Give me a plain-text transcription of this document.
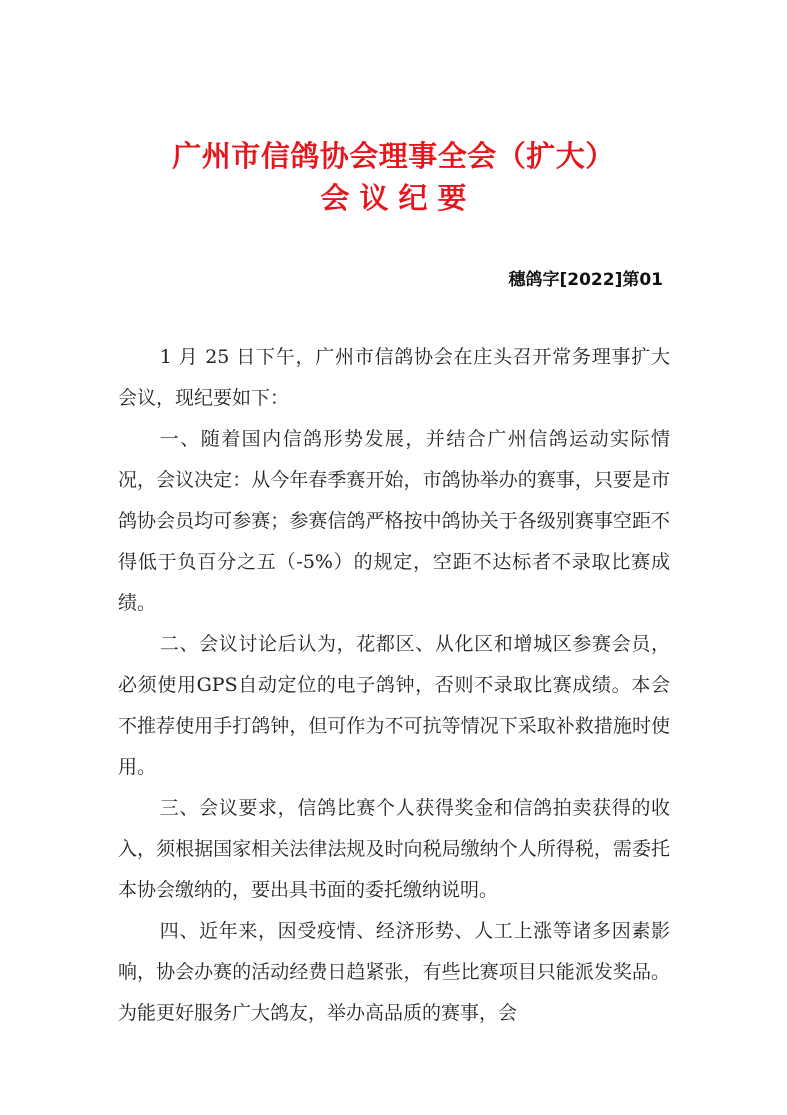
广州市信鸽协会理事全会（扩大）
会议纪要
穗鸽字[2022]第01

1 月 25 日下午，广州市信鸽协会在庄头召开常务理事扩大会议，现纪要如下：

一、随着国内信鸽形势发展，并结合广州信鸽运动实际情况，会议决定：从今年春季赛开始，市鸽协举办的赛事，只要是市鸽协会员均可参赛；参赛信鸽严格按中鸽协关于各级别赛事空距不得低于负百分之五（-5%）的规定，空距不达标者不录取比赛成绩。

二、会议讨论后认为，花都区、从化区和增城区参赛会员，必须使用GPS自动定位的电子鸽钟，否则不录取比赛成绩。本会不推荐使用手打鸽钟，但可作为不可抗等情况下采取补救措施时使用。

三、会议要求，信鸽比赛个人获得奖金和信鸽拍卖获得的收入，须根据国家相关法律法规及时向税局缴纳个人所得税，需委托本协会缴纳的，要出具书面的委托缴纳说明。

四、近年来，因受疫情、经济形势、人工上涨等诸多因素影响，协会办赛的活动经费日趋紧张，有些比赛项目只能派发奖品。为能更好服务广大鸽友，举办高品质的赛事，会
